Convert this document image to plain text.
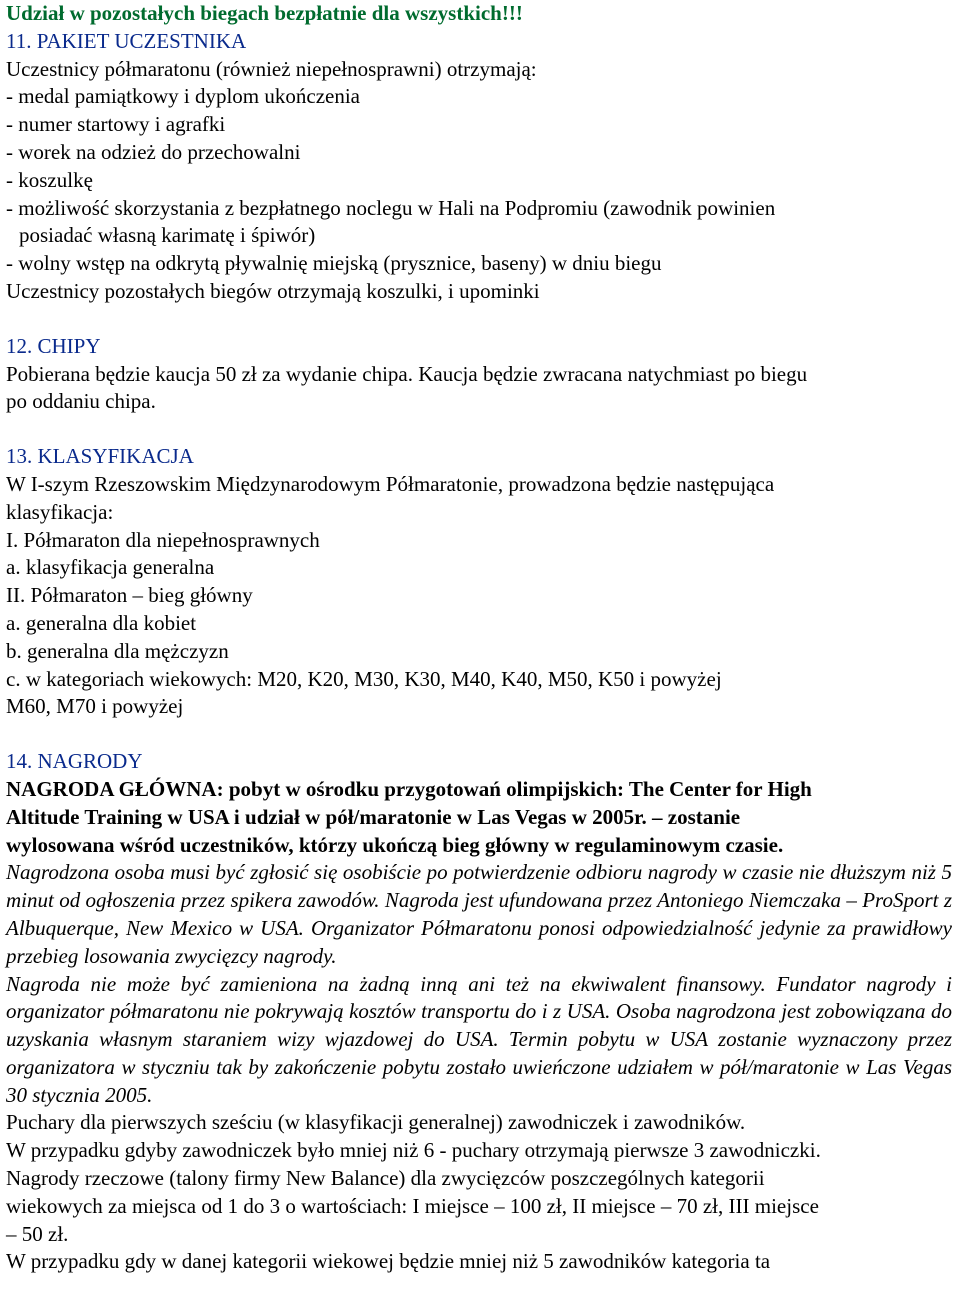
Udział w pozostałych biegach bezpłatnie dla wszystkich!!!
11. PAKIET UCZESTNIKA
Uczestnicy półmaratonu (również niepełnosprawni) otrzymają:
- medal pamiątkowy i dyplom ukończenia
- numer startowy i agrafki
- worek na odzież do przechowalni
- koszulkę
- możliwość skorzystania z bezpłatnego noclegu w Hali na Podpromiu (zawodnik powinien
posiadać własną karimatę i śpiwór)
- wolny wstęp na odkrytą pływalnię miejską (prysznice, baseny) w dniu biegu
Uczestnicy pozostałych biegów otrzymają koszulki, i upominki
12. CHIPY
Pobierana będzie kaucja 50 zł za wydanie chipa. Kaucja będzie zwracana natychmiast po biegu
po oddaniu chipa.
13. KLASYFIKACJA
W I-szym Rzeszowskim Międzynarodowym Półmaratonie, prowadzona będzie następująca
klasyfikacja:
I. Półmaraton dla niepełnosprawnych
a. klasyfikacja generalna
II. Półmaraton – bieg główny
a. generalna dla kobiet
b. generalna dla mężczyzn
c. w kategoriach wiekowych: M20, K20, M30, K30, M40, K40, M50, K50 i powyżej
M60, M70 i powyżej
14. NAGRODY
NAGRODA GŁÓWNA: pobyt w ośrodku przygotowań olimpijskich: The Center for High
Altitude Training w USA i udział w pół/maratonie w Las Vegas w 2005r. – zostanie
wylosowana wśród uczestników, którzy ukończą bieg główny w regulaminowym czasie.

Nagrodzona osoba musi być zgłosić się osobiście po potwierdzenie odbioru nagrody w czasie nie dłuższym niż 5 minut od ogłoszenia przez spikera zawodów. Nagroda jest ufundowana przez Antoniego Niemczaka – ProSport z Albuquerque, New Mexico w USA. Organizator Półmaratonu ponosi odpowiedzialność jedynie za prawidłowy przebieg losowania zwycięzcy nagrody.

Nagroda nie może być zamieniona na żadną inną ani też na ekwiwalent finansowy. Fundator nagrody i organizator półmaratonu nie pokrywają kosztów transportu do i z USA. Osoba nagrodzona jest zobowiązana do uzyskania własnym staraniem wizy wjazdowej do USA. Termin pobytu w USA zostanie wyznaczony przez organizatora w styczniu tak by zakończenie pobytu zostało uwieńczone udziałem w pół/maratonie w Las Vegas 30 stycznia 2005.

Puchary dla pierwszych sześciu (w klasyfikacji generalnej) zawodniczek i zawodników.
W przypadku gdyby zawodniczek było mniej niż 6 - puchary otrzymają pierwsze 3 zawodniczki.
Nagrody rzeczowe (talony firmy New Balance) dla zwycięzców poszczególnych kategorii
wiekowych za miejsca od 1 do 3 o wartościach: I miejsce – 100 zł, II miejsce – 70 zł, III miejsce
– 50 zł.
W przypadku gdy w danej kategorii wiekowej będzie mniej niż 5 zawodników kategoria ta
